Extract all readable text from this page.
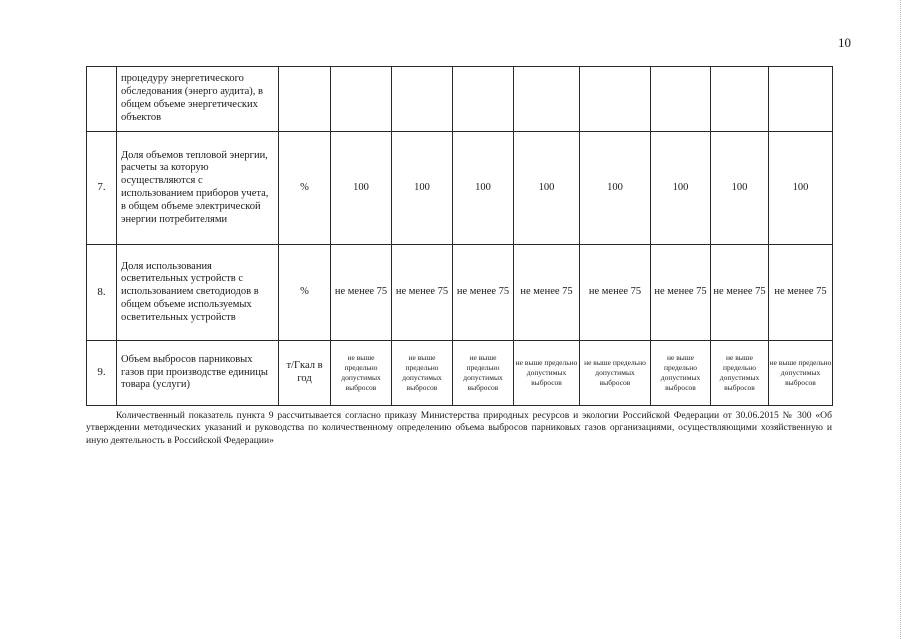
10
	процедуру энергетического обследования (энерго аудита), в общем объеме энергетических объектов									
7.	Доля объемов тепловой энергии, расчеты за которую осуществляются с использованием приборов учета, в общем объеме электрической энергии потребителями	%	100	100	100	100	100	100	100	100
8.	Доля использования осветительных устройств с использованием светодиодов в общем объеме используемых осветительных устройств	%	не менее 75	не менее 75	не менее 75	не менее 75	не менее 75	не менее 75	не менее 75	не менее 75
9.	Объем выбросов парниковых газов при производстве единицы товара (услуги)	т/Гкал в год	не выше предельно допустимых выбросов	не выше предельно допустимых выбросов	не выше предельно допустимых выбросов	не выше предельно допустимых выбросов	не выше предельно допустимых выбросов	не выше предельно допустимых выбросов	не выше предельно допустимых выбросов	не выше предельно допустимых выбросов

Количественный показатель пункта 9 рассчитывается согласно приказу Министерства природных ресурсов и экологии Российской Федерации от 30.06.2015 № 300 «Об утверждении методических указаний и руководства по количественному определению объема выбросов парниковых газов организациями, осуществляющими хозяйственную и иную деятельность в Российской Федерации»
